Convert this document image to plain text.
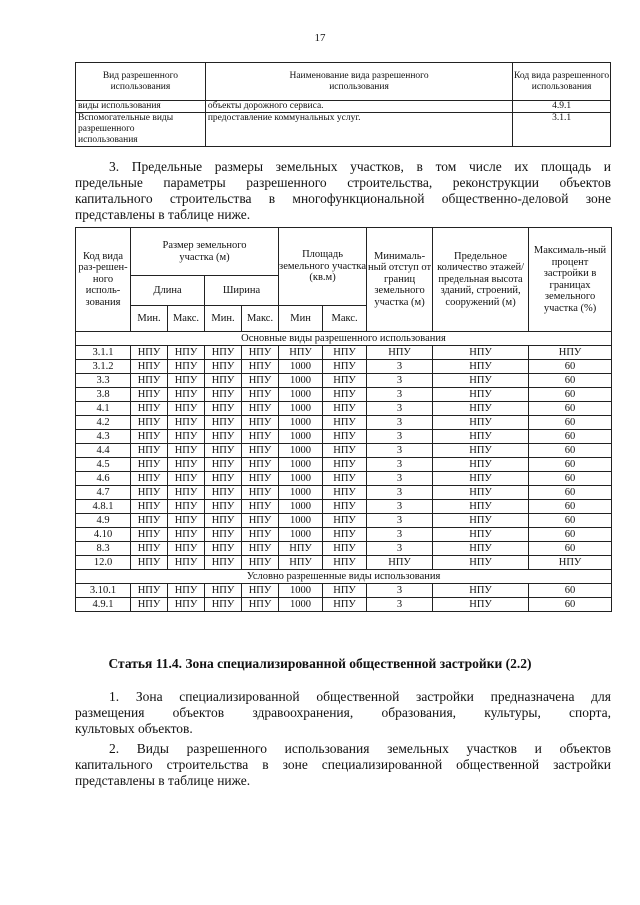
17
Вид разрешенного использования	Наименование вида разрешенного использования	Код вида разрешенного использования
виды использования	объекты дорожного сервиса.	4.9.1
Вспомогательные виды разрешенного использования	предоставление коммунальных услуг.	3.1.1
3. Предельные размеры земельных участков, в том числе их площадь и
предельные параметры разрешенного строительства, реконструкции объектов
капитального строительства в многофункциональной общественно-деловой зоне
представлены в таблице ниже.
Код вида раз-решен-ного исполь-зования	Размер земельного участка (м)				Площадь земельного участка (кв.м)		Минималь-ный отступ от границ земельного участка (м)	Предельное количество этажей/ предельная высота зданий, строений, сооружений (м)	Максималь-ный процент застройки в границах земельного участка (%)
	Длина		Ширина						
	Мин.	Макс.	Мин.	Макс.	Мин	Макс.			
Основные виды разрешенного использования									
3.1.1	НПУ	НПУ	НПУ	НПУ	НПУ	НПУ	НПУ	НПУ	НПУ
3.1.2	НПУ	НПУ	НПУ	НПУ	1000	НПУ	3	НПУ	60
3.3	НПУ	НПУ	НПУ	НПУ	1000	НПУ	3	НПУ	60
3.8	НПУ	НПУ	НПУ	НПУ	1000	НПУ	3	НПУ	60
4.1	НПУ	НПУ	НПУ	НПУ	1000	НПУ	3	НПУ	60
4.2	НПУ	НПУ	НПУ	НПУ	1000	НПУ	3	НПУ	60
4.3	НПУ	НПУ	НПУ	НПУ	1000	НПУ	3	НПУ	60
4.4	НПУ	НПУ	НПУ	НПУ	1000	НПУ	3	НПУ	60
4.5	НПУ	НПУ	НПУ	НПУ	1000	НПУ	3	НПУ	60
4.6	НПУ	НПУ	НПУ	НПУ	1000	НПУ	3	НПУ	60
4.7	НПУ	НПУ	НПУ	НПУ	1000	НПУ	3	НПУ	60
4.8.1	НПУ	НПУ	НПУ	НПУ	1000	НПУ	3	НПУ	60
4.9	НПУ	НПУ	НПУ	НПУ	1000	НПУ	3	НПУ	60
4.10	НПУ	НПУ	НПУ	НПУ	1000	НПУ	3	НПУ	60
8.3	НПУ	НПУ	НПУ	НПУ	НПУ	НПУ	3	НПУ	60
12.0	НПУ	НПУ	НПУ	НПУ	НПУ	НПУ	НПУ	НПУ	НПУ
Условно разрешенные виды использования									
3.10.1	НПУ	НПУ	НПУ	НПУ	1000	НПУ	3	НПУ	60
4.9.1	НПУ	НПУ	НПУ	НПУ	1000	НПУ	3	НПУ	60
Статья 11.4. Зона специализированной общественной застройки (2.2)
1. Зона специализированной общественной застройки предназначена для
размещения объектов здравоохранения, образования, культуры, спорта,
культовых объектов.
2. Виды разрешенного использования земельных участков и объектов
капитального строительства в зоне специализированной общественной застройки
представлены в таблице ниже.
